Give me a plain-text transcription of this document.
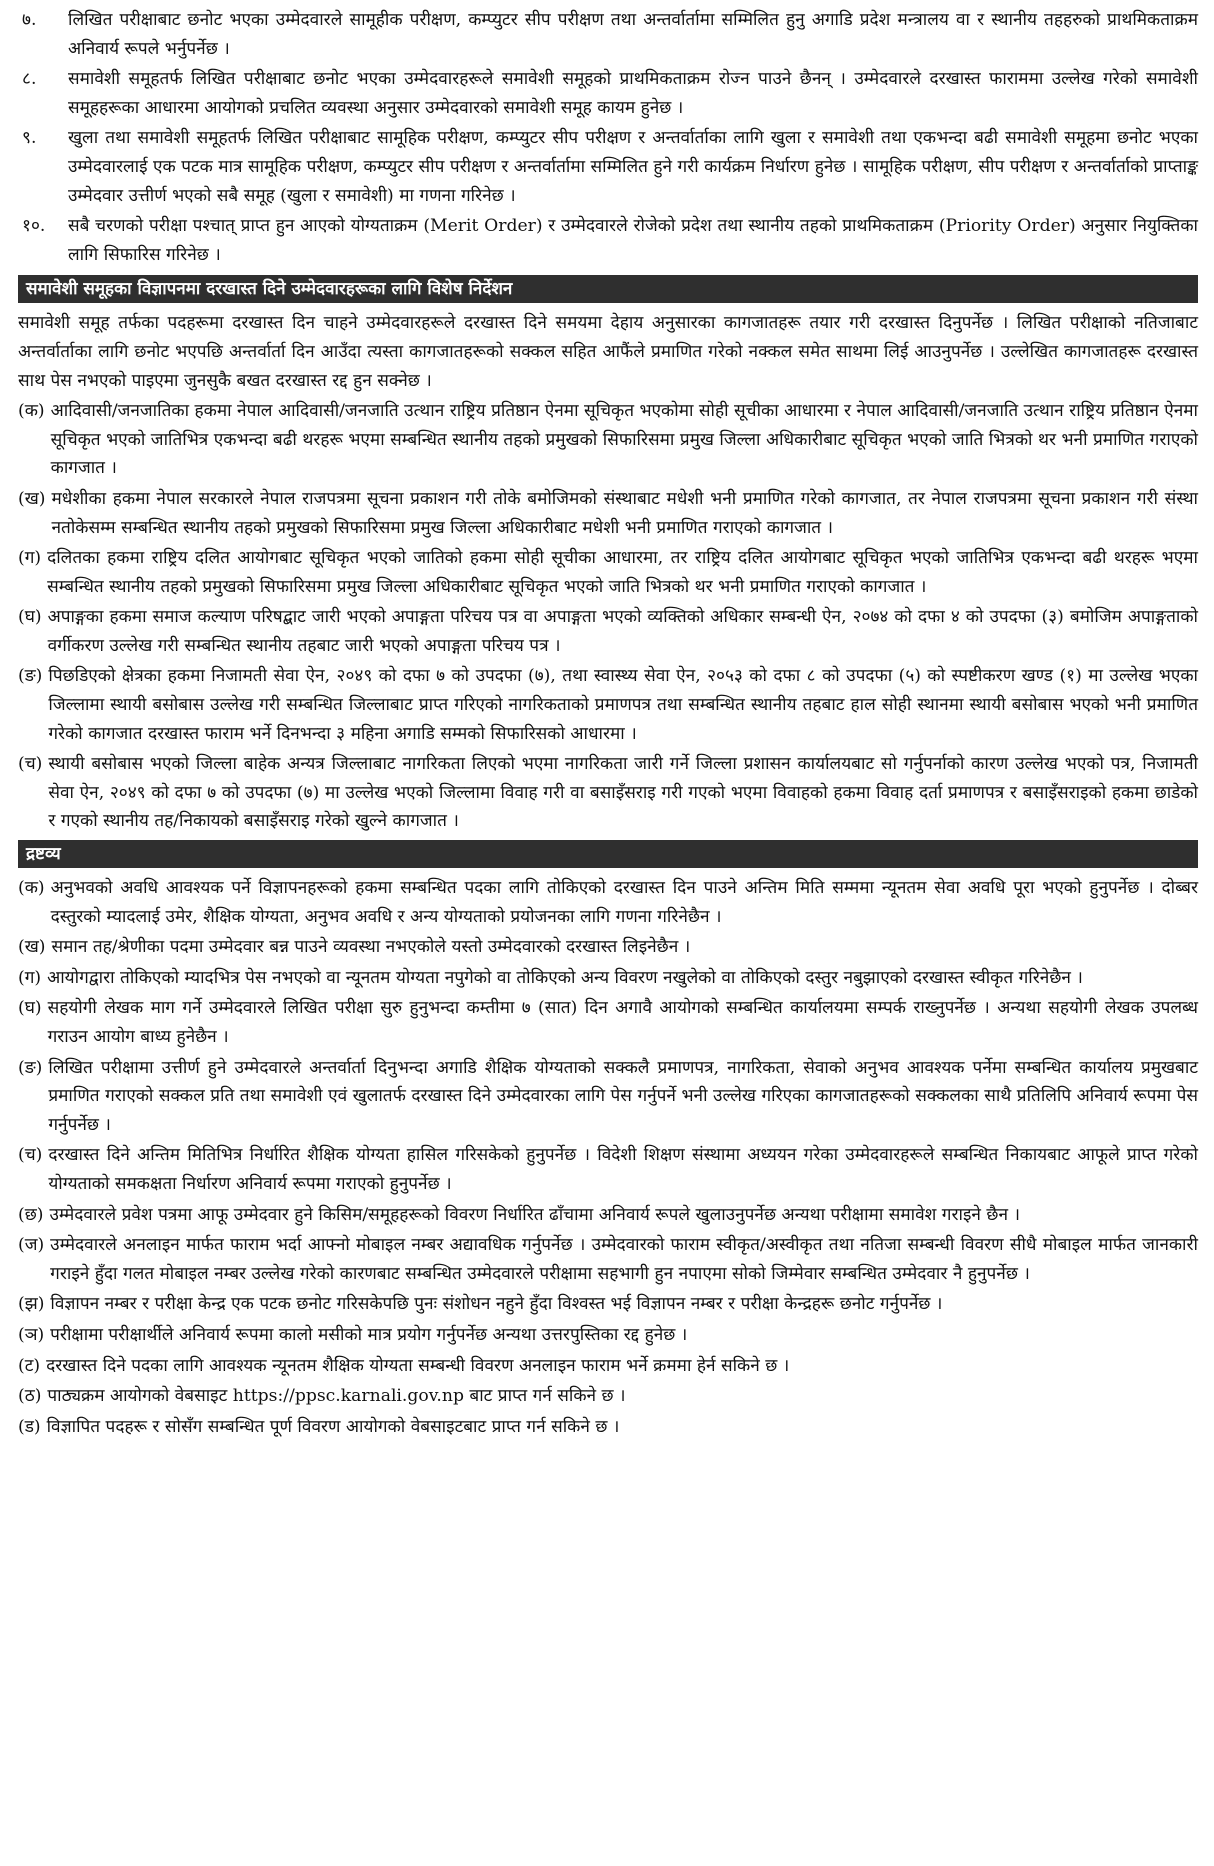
७.	लिखित परीक्षाबाट छनोट भएका उम्मेदवारले सामूहीक परीक्षण, कम्प्युटर सीप परीक्षण तथा अन्तर्वार्तामा सम्मिलित हुनु अगाडि प्रदेश मन्त्रालय वा र स्थानीय तहहरुको प्राथमिकताक्रम अनिवार्य रूपले भर्नुपर्नेछ ।
८.	समावेशी समूहतर्फ लिखित परीक्षाबाट छनोट भएका उम्मेदवारहरूले समावेशी समूहको प्राथमिकताक्रम रोज्न पाउने छैनन् । उम्मेदवारले दरखास्त फाराममा उल्लेख गरेको समावेशी समूहहरूका आधारमा आयोगको प्रचलित व्यवस्था अनुसार उम्मेदवारको समावेशी समूह कायम हुनेछ ।
९.	खुला तथा समावेशी समूहतर्फ लिखित परीक्षाबाट सामूहिक परीक्षण, कम्प्युटर सीप परीक्षण र अन्तर्वार्ताका लागि खुला र समावेशी तथा एकभन्दा बढी समावेशी समूहमा छनोट भएका उम्मेदवारलाई एक पटक मात्र सामूहिक परीक्षण, कम्प्युटर सीप परीक्षण र अन्तर्वार्तामा सम्मिलित हुने गरी कार्यक्रम निर्धारण हुनेछ । सामूहिक परीक्षण, सीप परीक्षण र अन्तर्वार्ताको प्राप्ताङ्क उम्मेदवार उत्तीर्ण भएको सबै समूह (खुला र समावेशी) मा गणना गरिनेछ ।
१०.	सबै चरणको परीक्षा पश्चात् प्राप्त हुन आएको योग्यताक्रम (Merit Order) र उम्मेदवारले रोजेको प्रदेश तथा स्थानीय तहको प्राथमिकताक्रम (Priority Order) अनुसार नियुक्तिका लागि सिफारिस गरिनेछ ।
समावेशी समूहका विज्ञापनमा दरखास्त दिने उम्मेदवारहरूका लागि विशेष निर्देशन

समावेशी समूह तर्फका पदहरूमा दरखास्त दिन चाहने उम्मेदवारहरूले दरखास्त दिने समयमा देहाय अनुसारका कागजातहरू तयार गरी दरखास्त दिनुपर्नेछ । लिखित परीक्षाको नतिजाबाट अन्तर्वार्ताका लागि छनोट भएपछि अन्तर्वार्ता दिन आउँदा त्यस्ता कागजातहरूको सक्कल सहित आफैंले प्रमाणित गरेको नक्कल समेत साथमा लिई आउनुपर्नेछ । उल्लेखित कागजातहरू दरखास्त साथ पेस नभएको पाइएमा जुनसुकै बखत दरखास्त रद्द हुन सक्नेछ ।

(क) आदिवासी/जनजातिका हकमा नेपाल आदिवासी/जनजाति उत्थान राष्ट्रिय प्रतिष्ठान ऐनमा सूचिकृत भएकोमा सोही सूचीका आधारमा र नेपाल आदिवासी/जनजाति उत्थान राष्ट्रिय प्रतिष्ठान ऐनमा सूचिकृत भएको जातिभित्र एकभन्दा बढी थरहरू भएमा सम्बन्धित स्थानीय तहको प्रमुखको सिफारिसमा प्रमुख जिल्ला अधिकारीबाट सूचिकृत भएको जाति भित्रको थर भनी प्रमाणित गराएको कागजात ।
(ख) मधेशीका हकमा नेपाल सरकारले नेपाल राजपत्रमा सूचना प्रकाशन गरी तोके बमोजिमको संस्थाबाट मधेशी भनी प्रमाणित गरेको कागजात, तर नेपाल राजपत्रमा सूचना प्रकाशन गरी संस्था नतोकेसम्म सम्बन्धित स्थानीय तहको प्रमुखको सिफारिसमा प्रमुख जिल्ला अधिकारीबाट मधेशी भनी प्रमाणित गराएको कागजात ।
(ग) दलितका हकमा राष्ट्रिय दलित आयोगबाट सूचिकृत भएको जातिको हकमा सोही सूचीका आधारमा, तर राष्ट्रिय दलित आयोगबाट सूचिकृत भएको जातिभित्र एकभन्दा बढी थरहरू भएमा सम्बन्धित स्थानीय तहको प्रमुखको सिफारिसमा प्रमुख जिल्ला अधिकारीबाट सूचिकृत भएको जाति भित्रको थर भनी प्रमाणित गराएको कागजात ।
(घ) अपाङ्गका हकमा समाज कल्याण परिषद्बाट जारी भएको अपाङ्गता परिचय पत्र वा अपाङ्गता भएको व्यक्तिको अधिकार सम्बन्धी ऐन, २०७४ को दफा ४ को उपदफा (३) बमोजिम अपाङ्गताको वर्गीकरण उल्लेख गरी सम्बन्धित स्थानीय तहबाट जारी भएको अपाङ्गता परिचय पत्र ।
(ङ) पिछडिएको क्षेत्रका हकमा निजामती सेवा ऐन, २०४९ को दफा ७ को उपदफा (७), तथा स्वास्थ्य सेवा ऐन, २०५३ को दफा ८ को उपदफा (५) को स्पष्टीकरण खण्ड (१) मा उल्लेख भएका जिल्लामा स्थायी बसोबास उल्लेख गरी सम्बन्धित जिल्लाबाट प्राप्त गरिएको नागरिकताको प्रमाणपत्र तथा सम्बन्धित स्थानीय तहबाट हाल सोही स्थानमा स्थायी बसोबास भएको भनी प्रमाणित गरेको कागजात दरखास्त फाराम भर्ने दिनभन्दा ३ महिना अगाडि सम्मको सिफारिसको आधारमा ।
(च) स्थायी बसोबास भएको जिल्ला बाहेक अन्यत्र जिल्लाबाट नागरिकता लिएको भएमा नागरिकता जारी गर्ने जिल्ला प्रशासन कार्यालयबाट सो गर्नुपर्नाको कारण उल्लेख भएको पत्र, निजामती सेवा ऐन, २०४९ को दफा ७ को उपदफा (७) मा उल्लेख भएको जिल्लामा विवाह गरी वा बसाइँसराइ गरी गएको भएमा विवाहको हकमा विवाह दर्ता प्रमाणपत्र र बसाइँसराइको हकमा छाडेको र गएको स्थानीय तह/निकायको बसाइँसराइ गरेको खुल्ने कागजात ।
द्रष्टव्य
(क) अनुभवको अवधि आवश्यक पर्ने विज्ञापनहरूको हकमा सम्बन्धित पदका लागि तोकिएको दरखास्त दिन पाउने अन्तिम मिति सम्ममा न्यूनतम सेवा अवधि पूरा भएको हुनुपर्नेछ । दोब्बर दस्तुरको म्यादलाई उमेर, शैक्षिक योग्यता, अनुभव अवधि र अन्य योग्यताको प्रयोजनका लागि गणना गरिनेछैन ।
(ख) समान तह/श्रेणीका पदमा उम्मेदवार बन्न पाउने व्यवस्था नभएकोले यस्तो उम्मेदवारको दरखास्त लिइनेछैन ।
(ग) आयोगद्वारा तोकिएको म्यादभित्र पेस नभएको वा न्यूनतम योग्यता नपुगेको वा तोकिएको अन्य विवरण नखुलेको वा तोकिएको दस्तुर नबुझाएको दरखास्त स्वीकृत गरिनेछैन ।
(घ) सहयोगी लेखक माग गर्ने उम्मेदवारले लिखित परीक्षा सुरु हुनुभन्दा कम्तीमा ७ (सात) दिन अगावै आयोगको सम्बन्धित कार्यालयमा सम्पर्क राख्नुपर्नेछ । अन्यथा सहयोगी लेखक उपलब्ध गराउन आयोग बाध्य हुनेछैन ।
(ङ) लिखित परीक्षामा उत्तीर्ण हुने उम्मेदवारले अन्तर्वार्ता दिनुभन्दा अगाडि शैक्षिक योग्यताको सक्कलै प्रमाणपत्र, नागरिकता, सेवाको अनुभव आवश्यक पर्नेमा सम्बन्धित कार्यालय प्रमुखबाट प्रमाणित गराएको सक्कल प्रति तथा समावेशी एवं खुलातर्फ दरखास्त दिने उम्मेदवारका लागि पेस गर्नुपर्ने भनी उल्लेख गरिएका कागजातहरूको सक्कलका साथै प्रतिलिपि अनिवार्य रूपमा पेस गर्नुपर्नेछ ।
(च) दरखास्त दिने अन्तिम मितिभित्र निर्धारित शैक्षिक योग्यता हासिल गरिसकेको हुनुपर्नेछ । विदेशी शिक्षण संस्थामा अध्ययन गरेका उम्मेदवारहरूले सम्बन्धित निकायबाट आफूले प्राप्त गरेको योग्यताको समकक्षता निर्धारण अनिवार्य रूपमा गराएको हुनुपर्नेछ ।
(छ) उम्मेदवारले प्रवेश पत्रमा आफू उम्मेदवार हुने किसिम/समूहहरूको विवरण निर्धारित ढाँचामा अनिवार्य रूपले खुलाउनुपर्नेछ अन्यथा परीक्षामा समावेश गराइने छैन ।
(ज) उम्मेदवारले अनलाइन मार्फत फाराम भर्दा आफ्नो मोबाइल नम्बर अद्यावधिक गर्नुपर्नेछ । उम्मेदवारको फाराम स्वीकृत/अस्वीकृत तथा नतिजा सम्बन्धी विवरण सीधै मोबाइल मार्फत जानकारी गराइने हुँदा गलत मोबाइल नम्बर उल्लेख गरेको कारणबाट सम्बन्धित उम्मेदवारले परीक्षामा सहभागी हुन नपाएमा सोको जिम्मेवार सम्बन्धित उम्मेदवार नै हुनुपर्नेछ ।
(झ) विज्ञापन नम्बर र परीक्षा केन्द्र एक पटक छनोट गरिसकेपछि पुनः संशोधन नहुने हुँदा विश्वस्त भई विज्ञापन नम्बर र परीक्षा केन्द्रहरू छनोट गर्नुपर्नेछ ।
(ञ) परीक्षामा परीक्षार्थीले अनिवार्य रूपमा कालो मसीको मात्र प्रयोग गर्नुपर्नेछ अन्यथा उत्तरपुस्तिका रद्द हुनेछ ।
(ट) दरखास्त दिने पदका लागि आवश्यक न्यूनतम शैक्षिक योग्यता सम्बन्धी विवरण अनलाइन फाराम भर्ने क्रममा हेर्न सकिने छ ।
(ठ) पाठ्यक्रम आयोगको वेबसाइट https://ppsc.karnali.gov.np बाट प्राप्त गर्न सकिने छ ।
(ड) विज्ञापित पदहरू र सोसँग सम्बन्धित पूर्ण विवरण आयोगको वेबसाइटबाट प्राप्त गर्न सकिने छ ।
